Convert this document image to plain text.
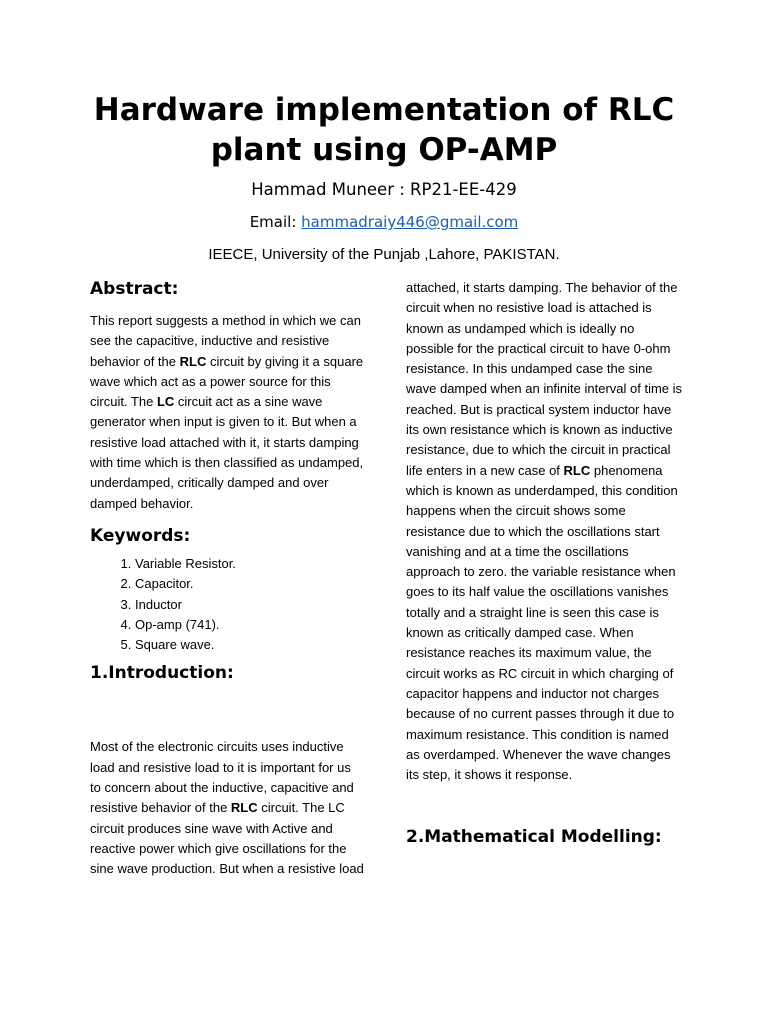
Hardware implementation of RLC plant using OP-AMP
Hammad Muneer : RP21-EE-429
Email: hammadraiy446@gmail.com
IEECE, University of the Punjab ,Lahore, PAKISTAN.
Abstract:

This report suggests a method in which we can see the capacitive, inductive and resistive behavior of the RLC circuit by giving it a square wave which act as a power source for this circuit. The LC circuit act as a sine wave generator when input is given to it. But when a resistive load attached with it, it starts damping with time which is then classified as undamped, underdamped, critically damped and over damped behavior.

Keywords:
1. Variable Resistor.
2. Capacitor.
3. Inductor
4. Op-amp (741).
5. Square wave.
1.Introduction:

Most of the electronic circuits uses inductive load and resistive load to it is important for us to concern about the inductive, capacitive and resistive behavior of the RLC circuit. The LC circuit produces sine wave with Active and reactive power which give oscillations for the sine wave production. But when a resistive load

attached, it starts damping. The behavior of the circuit when no resistive load is attached is known as undamped which is ideally no possible for the practical circuit to have 0-ohm resistance. In this undamped case the sine wave damped when an infinite interval of time is reached. But is practical system inductor have its own resistance which is known as inductive resistance, due to which the circuit in practical life enters in a new case of RLC phenomena which is known as underdamped, this condition happens when the circuit shows some resistance due to which the oscillations start vanishing and at a time the oscillations approach to zero. the variable resistance when goes to its half value the oscillations vanishes totally and a straight line is seen this case is known as critically damped case. When resistance reaches its maximum value, the circuit works as RC circuit in which charging of capacitor happens and inductor not charges because of no current passes through it due to maximum resistance. This condition is named as overdamped. Whenever the wave changes its step, it shows it response.

2.Mathematical Modelling:
